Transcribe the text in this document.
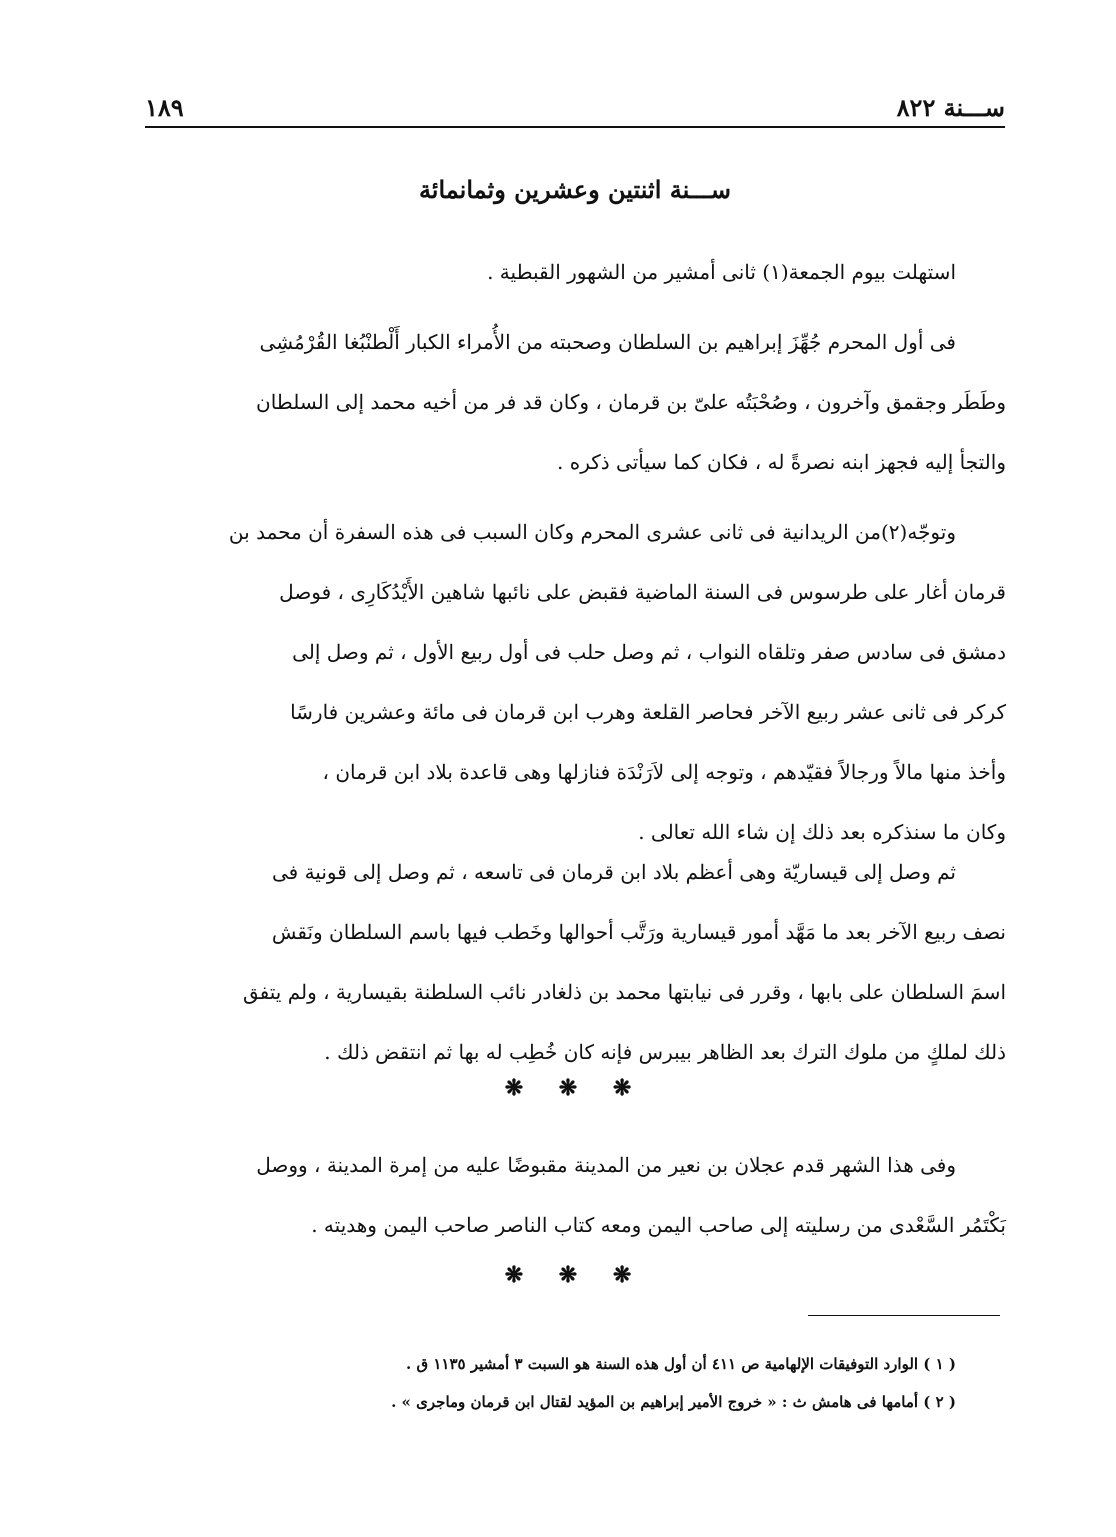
ســـنة ٨٢٢
١٨٩
ســـنة اثنتين وعشرين وثمانمائة
استهلت بيوم الجمعة(١) ثانى أمشير من الشهور القبطية .
فى أول المحرم جُهِّزَ إبراهيم بن السلطان وصحبته من الأُمراء الكبار أَلْطنْبُغا القُرْمُشِى
وطَطَر وجقمق وآخرون ، وصُحْبَتُه علىّ بن قرمان ، وكان قد فر من أخيه محمد إلى السلطان
والتجأ إليه فجهز ابنه نصرةً له ، فكان كما سيأتى ذكره .
وتوجّه(٢)من الريدانية فى ثانى عشرى المحرم وكان السبب فى هذه السفرة أن محمد بن
قرمان أغار على طرسوس فى السنة الماضية فقبض على نائبها شاهين الأَيْدُكَارِى ، فوصل
دمشق فى سادس صفر وتلقاه النواب ، ثم وصل حلب فى أول ربيع الأول ، ثم وصل إلى
كركر فى ثانى عشر ربيع الآخر فحاصر القلعة وهرب ابن قرمان فى مائة وعشرين فارسًا
وأخذ منها مالاً ورجالاً فقيّدهم ، وتوجه إلى لاَرَنْدَة فنازلها وهى قاعدة بلاد ابن قرمان ،
وكان ما سنذكره بعد ذلك إن شاء الله تعالى .
ثم وصل إلى قيساريّة وهى أعظم بلاد ابن قرمان فى تاسعه ، ثم وصل إلى قونية فى
نصف ربيع الآخر بعد ما مَهَّد أمور قيسارية ورَتَّب أحوالها وخَطب فيها باسم السلطان ونَقش
اسمَ السلطان على بابها ، وقرر فى نيابتها محمد بن ذلغادر نائب السلطنة بقيسارية ، ولم يتفق
ذلك لملكٍ من ملوك الترك بعد الظاهر بيبرس فإنه كان خُطِب له بها ثم انتقض ذلك .
❋ ❋ ❋
وفى هذا الشهر قدم عجلان بن نعير من المدينة مقبوضًا عليه من إمرة المدينة ، ووصل
بَكْتَمُر السَّعْدى من رسليته إلى صاحب اليمن ومعه كتاب الناصر صاحب اليمن وهديته .
❋ ❋ ❋
( ١ ) الوارد التوفيقات الإلهامية ص ٤١١ أن أول هذه السنة هو السبت ٣ أمشير ١١٣٥ ق .
( ٢ ) أمامها فى هامش ث : « خروج الأمير إبراهيم بن المؤيد لقتال ابن قرمان وماجرى » .
